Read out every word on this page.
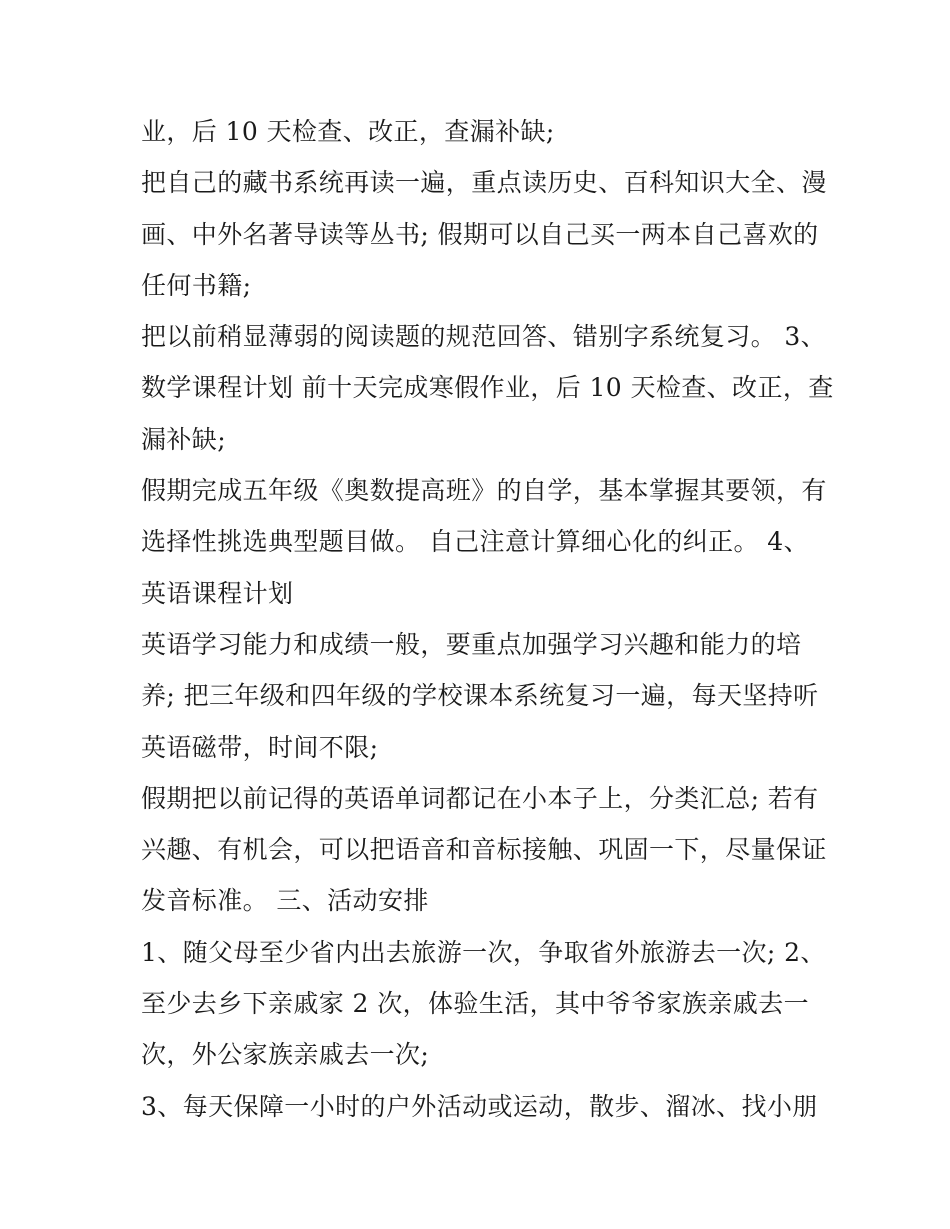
业，后 10 天检查、改正，查漏补缺;
把自己的藏书系统再读一遍，重点读历史、百科知识大全、漫
画、中外名著导读等丛书; 假期可以自己买一两本自己喜欢的
任何书籍;
把以前稍显薄弱的阅读题的规范回答、错别字系统复习。 3、
数学课程计划 前十天完成寒假作业，后 10 天检查、改正，查
漏补缺;
假期完成五年级《奥数提高班》的自学，基本掌握其要领，有
选择性挑选典型题目做。 自己注意计算细心化的纠正。 4、
英语课程计划
英语学习能力和成绩一般，要重点加强学习兴趣和能力的培
养; 把三年级和四年级的学校课本系统复习一遍，每天坚持听
英语磁带，时间不限;
假期把以前记得的英语单词都记在小本子上，分类汇总; 若有
兴趣、有机会，可以把语音和音标接触、巩固一下，尽量保证
发音标准。 三、活动安排
1、随父母至少省内出去旅游一次，争取省外旅游去一次; 2、
至少去乡下亲戚家 2 次，体验生活，其中爷爷家族亲戚去一
次，外公家族亲戚去一次;
3、每天保障一小时的户外活动或运动，散步、溜冰、找小朋
